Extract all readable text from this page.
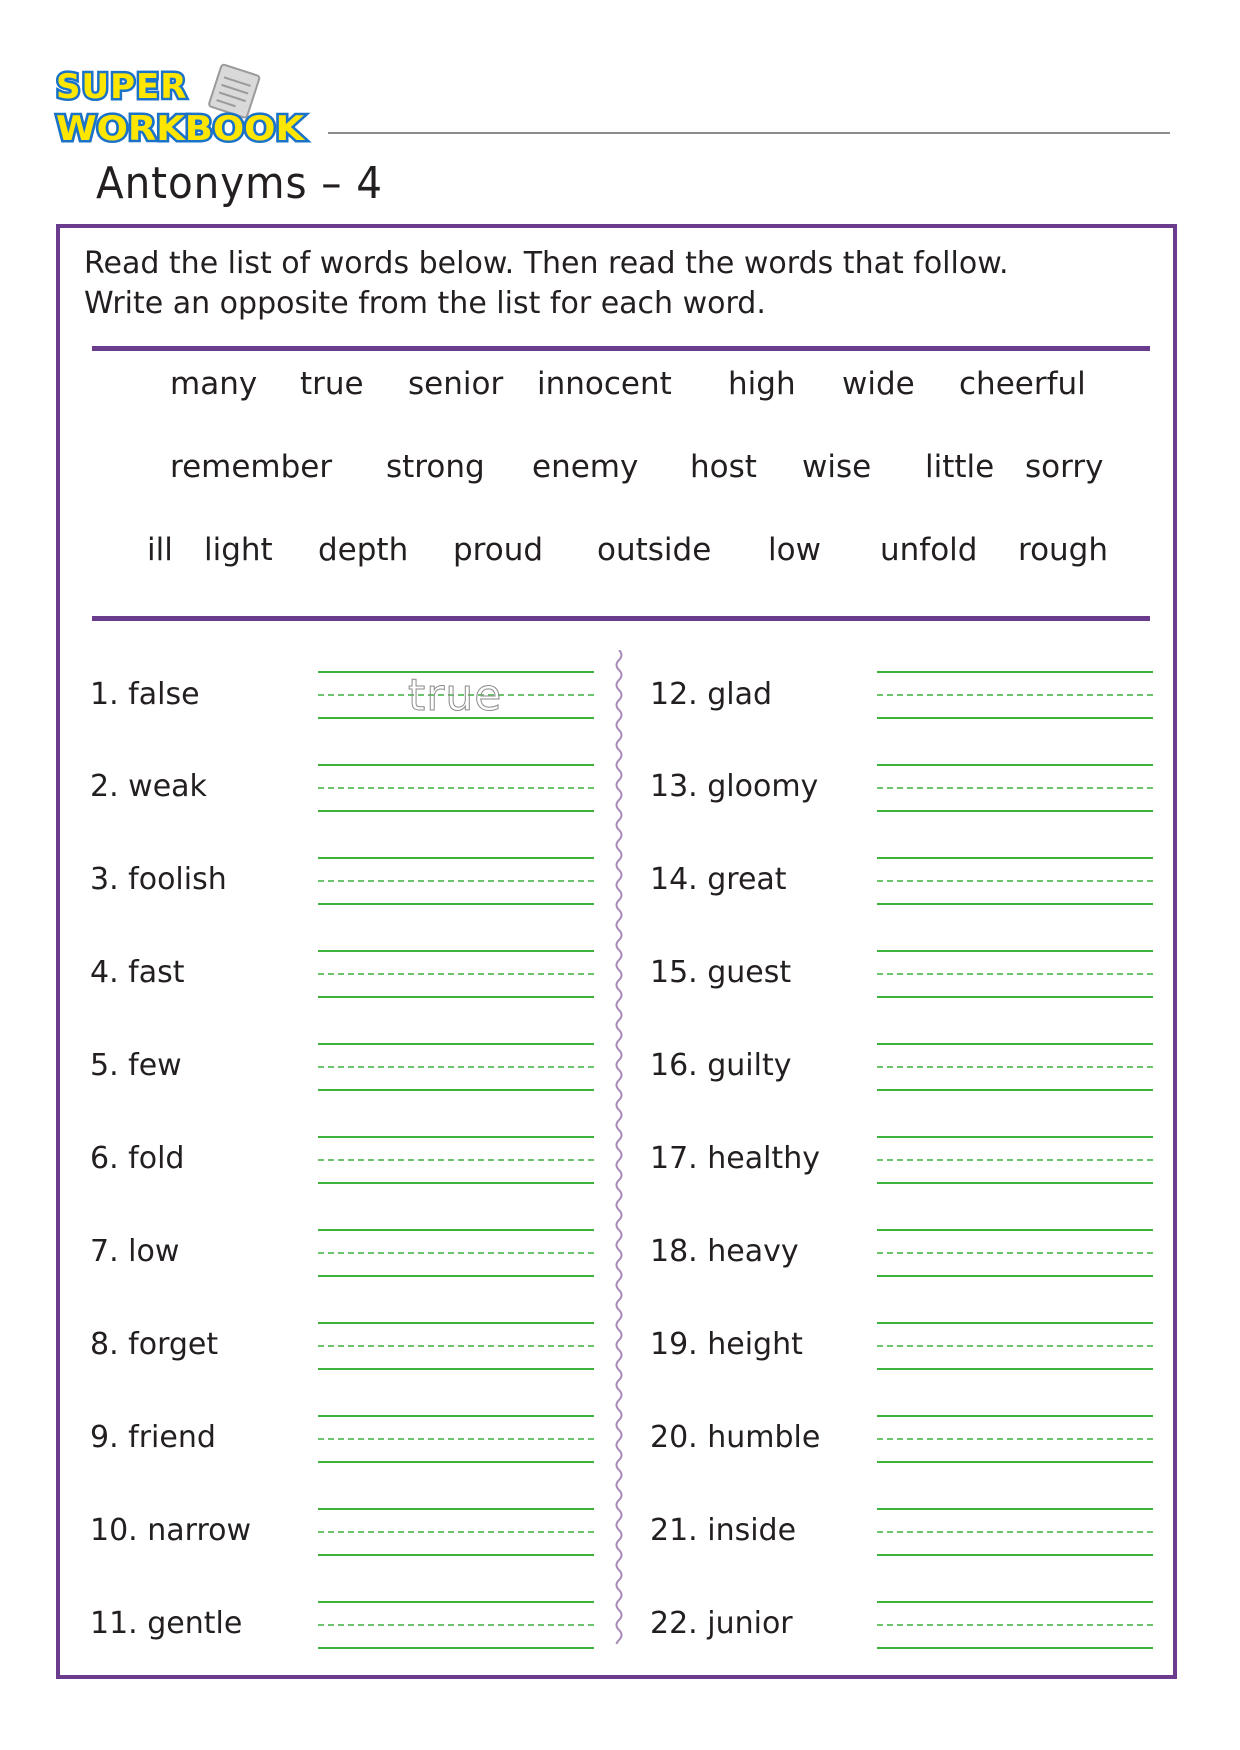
SUPER
WORKBOOK
Antonyms – 4
Read the list of words below. Then read the words that follow.
Write an opposite from the list for each word.
many true senior innocent high wide cheerful
remember strong enemy host wise little sorry
ill light depth proud outside low unfold rough
1. false	true
2. weak
3. foolish
4. fast
5. few
6. fold
7. low
8. forget
9. friend
10. narrow
11. gentle
12. glad
13. gloomy
14. great
15. guest
16. guilty
17. healthy
18. heavy
19. height
20. humble
21. inside
22. junior
